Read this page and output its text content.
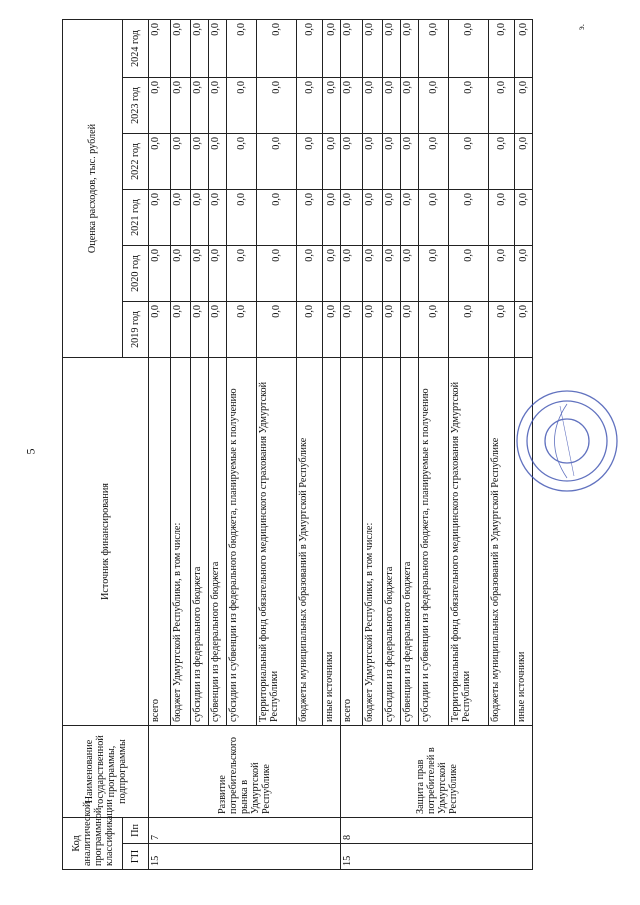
5
э.
Код аналитической программной классификации		Наименование государственной программы, подпрограммы	Источник финансирования	Оценка расходов, тыс. рублей					
ГП	Пп			2019 год	2020 год	2021 год	2022 год	2023 год	2024 год

15	7	Развитие потребительского рынка в Удмуртской Республике	всего	0,0	0,0	0,0	0,0	0,0	0,0
			бюджет Удмуртской Республики, в том числе:	0,0	0,0	0,0	0,0	0,0	0,0
			субсидии из федерального бюджета	0,0	0,0	0,0	0,0	0,0	0,0
			субвенции из федерального бюджета	0,0	0,0	0,0	0,0	0,0	0,0
			субсидии и субвенции из федерального бюджета, планируемые к получению	0,0	0,0	0,0	0,0	0,0	0,0
			Территориальный фонд обязательного медицинского страхования Удмуртской Республики	0,0	0,0	0,0	0,0	0,0	0,0
			бюджеты муниципальных образований в Удмуртской Республике	0,0	0,0	0,0	0,0	0,0	0,0
			иные источники	0,0	0,0	0,0	0,0	0,0	0,0
15	8	Защита прав потребителей в Удмуртской Республике	всего	0,0	0,0	0,0	0,0	0,0	0,0
			бюджет Удмуртской Республики, в том числе:	0,0	0,0	0,0	0,0	0,0	0,0
			субсидии из федерального бюджета	0,0	0,0	0,0	0,0	0,0	0,0
			субвенции из федерального бюджета	0,0	0,0	0,0	0,0	0,0	0,0
			субсидии и субвенции из федерального бюджета, планируемые к получению	0,0	0,0	0,0	0,0	0,0	0,0
			Территориальный фонд обязательного медицинского страхования Удмуртской Республики	0,0	0,0	0,0	0,0	0,0	0,0
			бюджеты муниципальных образований в Удмуртской Республике	0,0	0,0	0,0	0,0	0,0	0,0
			иные источники	0,0	0,0	0,0	0,0	0,0	0,0
